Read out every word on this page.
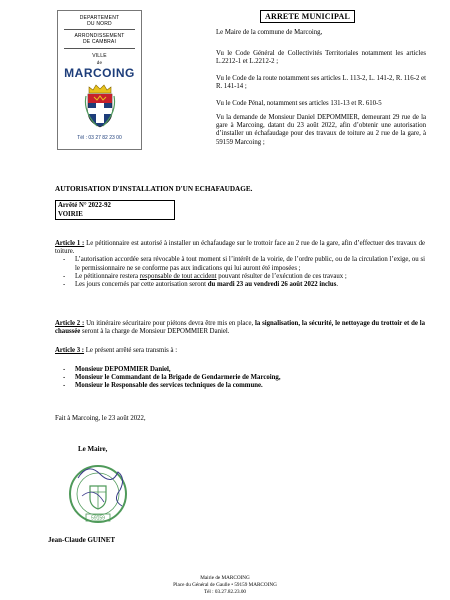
DEPARTEMENT
DU NORD
ARRONDISSEMENT
DE CAMBRAI
VILLE
de
MARCOING
Tél : 03 27 82 23 00
ARRETE MUNICIPAL
Le Maire de la commune de Marcoing,
Vu le Code Général de Collectivités Territoriales notamment les articles L.2212-1 et L.2212-2 ;
Vu le Code de la route notamment ses articles L. 113-2, L. 141-2, R. 116-2 et R. 141-14 ;
Vu le Code Pénal, notamment ses articles 131-13 et R. 610-5
Vu la demande de Monsieur Daniel DEPOMMIER, demeurant 29 rue de la gare à Marcoing, datant du 23 août 2022, afin d’obtenir une autorisation d’installer un échafaudage pour des travaux de toiture au 2 rue de la gare, à 59159 Marcoing ;
AUTORISATION D'INSTALLATION D'UN ECHAFAUDAGE.
Arrêté N° 2022-92
VOIRIE
Article 1 : Le pétitionnaire est autorisé à installer un échafaudage sur le trottoir face au 2 rue de la gare, afin d’effectuer des travaux de toiture.
- L’autorisation accordée sera révocable à tout moment si l’intérêt de la voirie, de l’ordre public, ou de la circulation l’exige, ou si le permissionnaire ne se conforme pas aux indications qui lui auront été imposées ;
- Le pétitionnaire restera responsable de tout accident pouvant résulter de l’exécution de ces travaux ;
- Les jours concernés par cette autorisation seront du mardi 23 au vendredi 26 août 2022 inclus.
Article 2 : Un itinéraire sécuritaire pour piétons devra être mis en place, la signalisation, la sécurité, le nettoyage du trottoir et de la chaussée seront à la charge de Monsieur DEPOMMIER Daniel.
Article 3 : Le présent arrêté sera transmis à :
- Monsieur DEPOMMIER Daniel,
- Monsieur le Commandant de la Brigade de Gendarmerie de Marcoing,
- Monsieur le Responsable des services techniques de la commune.
Fait à Marcoing, le 23 août 2022,
Le Maire,
59159
Jean-Claude GUINET
Mairie de MARCOING
Place du Général de Gaulle • 59159 MARCOING
Tél : 03.27.82.23.00
